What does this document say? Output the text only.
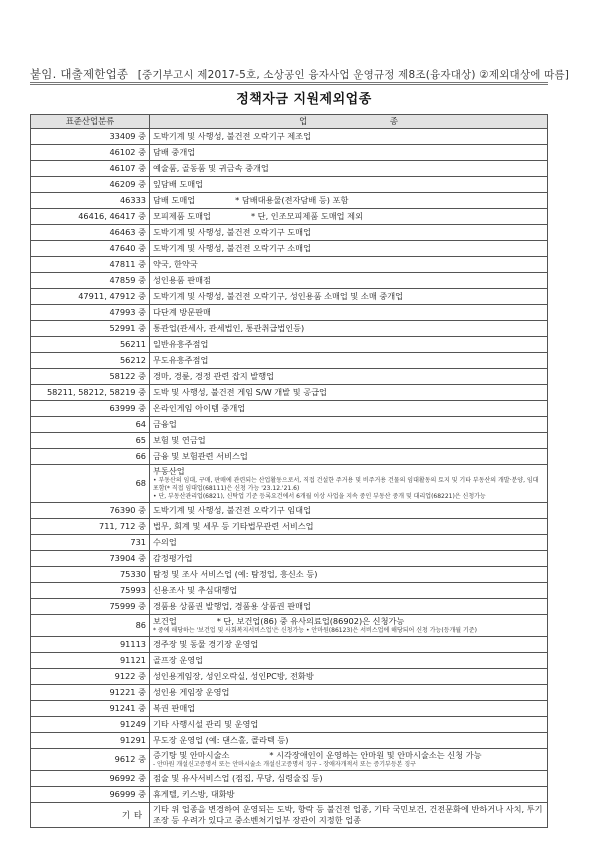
붙임. 대출제한업종 [중기부고시 제2017-5호, 소상공인 융자사업 운영규정 제8조(융자대상) ②제외대상에 따름]
정책자금 지원제외업종
표준산업분류	업 종
33409 중	도박기계 및 사행성, 불건전 오락기구 제조업
46102 중	담배 중개업
46107 중	예술품, 골동품 및 귀금속 중개업
46209 중	잎담배 도매업
46333	담배 도매업 * 담배대용물(전자담배 등) 포함
46416, 46417 중	모피제품 도매업 * 단, 인조모피제품 도매업 제외
46463 중	도박기계 및 사행성, 불건전 오락기구 도매업
47640 중	도박기계 및 사행성, 불건전 오락기구 소매업
47811 중	약국, 한약국
47859 중	성인용품 판매점
47911, 47912 중	도박기계 및 사행성, 불건전 오락기구, 성인용품 소매업 및 소매 중개업
47993 중	다단계 방문판매
52991 중	통관업(관세사, 관세법인, 통관취급법인등)
56211	일반유흥주점업
56212	무도유흥주점업
58122 중	경마, 경륜, 경정 관련 잡지 발행업
58211, 58212, 58219 중	도박 및 사행성, 불건전 게임 S/W 개발 및 공급업
63999 중	온라인게임 아이템 중개업
64	금융업
65	보험 및 연금업
66	금융 및 보험관련 서비스업
68	부동산업
• 부동산의 임대, 구매, 판매에 관련되는 산업활동으로서, 직접 건설한 주거용 및 비주거용 건물의 임대활동의 토지 및 기타 부동산의 개발·분양, 임대 포함(* 직접 임대업(68111)은 신청 가능 '23.12.'21.6)
• 단, 부동산관리업(6821), 신탁업 기준 등록요건에서 6개월 이상 사업을 지속 중인 부동산 중개 및 대리업(68221)은 신청가능

76390 중	도박기계 및 사행성, 불건전 오락기구 임대업
711, 712 중	법무, 회계 및 세무 등 기타법무관련 서비스업
731	수의업
73904 중	감정평가업
75330	탐정 및 조사 서비스업 (예: 탐정업, 흥신소 등)
75993	신용조사 및 추심대행업
75999 중	경품용 상품권 발행업, 경품용 상품권 판매업
86	보건업 * 단, 보건업(86) 중 유사의료업(86902)은 신청가능
* 중에 해당하는 '보건업 및 사회복지서비스업'은 신청가능 • 안마원(86123)은 서비스업에 해당되어 신청 가능(등개월 기준)

91113	경주장 및 동물 경기장 운영업
91121	골프장 운영업
9122 중	성인용게임장, 성인오락실, 성인PC방, 전화방
91221 중	성인용 게임장 운영업
91241 중	복권 판매업
91249	기타 사행시설 관리 및 운영업
91291	무도장 운영업 (예: 댄스홀, 콜라텍 등)
9612 중	증기탕 및 안마시술소 * 시각장애인이 운영하는 안마원 및 안마시술소는 신청 가능
- 안마원 개설신고증명서 또는 안마시술소 개설신고증명서 징구 - 장애자개적서 또는 증기부등본 징구

96992 중	점술 및 유사서비스업 (점집, 무당, 심령술집 등)
96999 중	휴게텔, 키스방, 대화방
기타	기타 위 업종을 변경하여 운영되는 도박, 향락 등 불건전 업종, 기타 국민보건, 건전문화에 반하거나 사치, 투기조장 등 우려가 있다고 중소벤처기업부 장관이 지정한 업종
